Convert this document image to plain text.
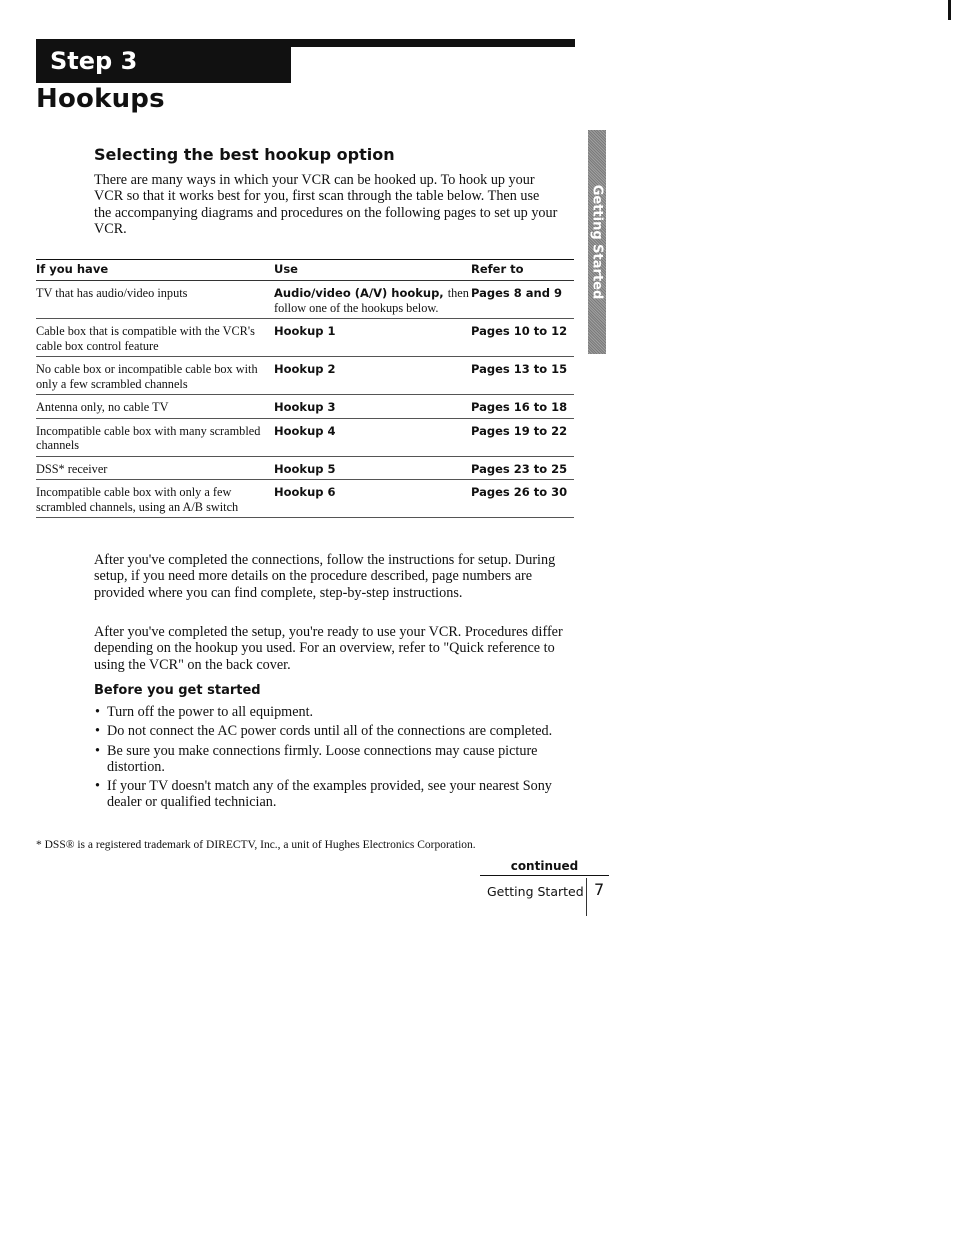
Step 3
Hookups
Getting Started
Selecting the best hookup option

There are many ways in which your VCR can be hooked up. To hook up your VCR so that it works best for you, first scan through the table below. Then use the accompanying diagrams and procedures on the following pages to set up your VCR.

If you have	Use	Refer to
TV that has audio/video inputs	Audio/video (A/V) hookup, then follow one of the hookups below.	Pages 8 and 9
Cable box that is compatible with the VCR's cable box control feature	Hookup 1	Pages 10 to 12
No cable box or incompatible cable box with only a few scrambled channels	Hookup 2	Pages 13 to 15
Antenna only, no cable TV	Hookup 3	Pages 16 to 18
Incompatible cable box with many scrambled channels	Hookup 4	Pages 19 to 22
DSS* receiver	Hookup 5	Pages 23 to 25
Incompatible cable box with only a few scrambled channels, using an A/B switch	Hookup 6	Pages 26 to 30

After you've completed the connections, follow the instructions for setup. During setup, if you need more details on the procedure described, page numbers are provided where you can find complete, step-by-step instructions.

After you've completed the setup, you're ready to use your VCR. Procedures differ depending on the hookup you used. For an overview, refer to "Quick reference to using the VCR" on the back cover.

Before you get started
• Turn off the power to all equipment.
• Do not connect the AC power cords until all of the connections are completed.
• Be sure you make connections firmly. Loose connections may cause picture distortion.
• If your TV doesn't match any of the examples provided, see your nearest Sony dealer or qualified technician.

* DSS® is a registered trademark of DIRECTV, Inc., a unit of Hughes Electronics Corporation.

continued
Getting Started 7
